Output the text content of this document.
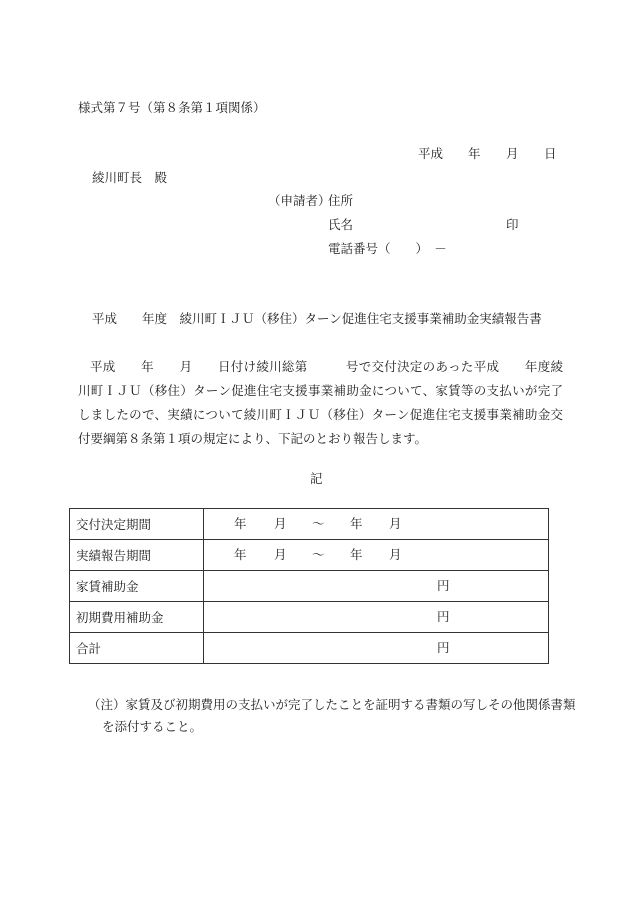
様式第７号（第８条第１項関係）
平成 年 月 日
綾川町長　殿
（申請者）
住所
氏名	印
電話番号（　　）　－
平成　　年度　綾川町ＩＪＵ（移住）ターン促進住宅支援事業補助金実績報告書
平成　　年　　月　　日付け綾川総第　　　号で交付決定のあった平成　　年度綾川町ＩＪＵ（移住）ターン促進住宅支援事業補助金について、家賃等の支払いが完了しましたので、実績について綾川町ＩＪＵ（移住）ターン促進住宅支援事業補助金交付要綱第８条第１項の規定により、下記のとおり報告します。
記
交付決定期間	年 月 ～ 年 月

実績報告期間	年 月 ～ 年 月

家賃補助金	円

初期費用補助金	円

合計	円
（注）家賃及び初期費用の支払いが完了したことを証明する書類の写しその他関係書類を添付すること。
